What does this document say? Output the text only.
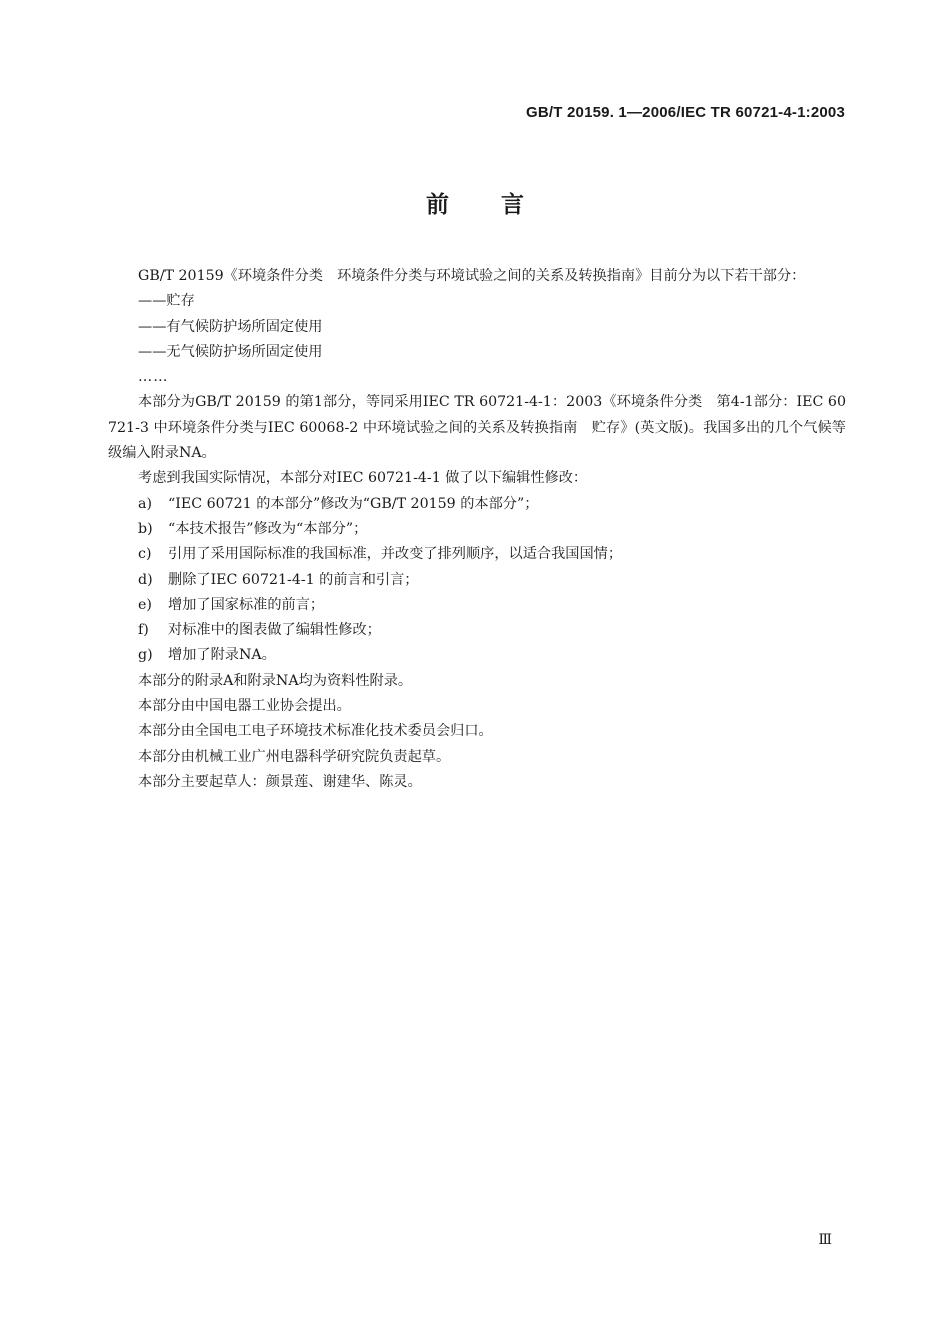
GB/T 20159. 1—2006/IEC TR 60721-4-1:2003
前言

GB/T 20159《环境条件分类　环境条件分类与环境试验之间的关系及转换指南》目前分为以下若干部分：

——贮存

——有气候防护场所固定使用

——无气候防护场所固定使用

……

本部分为GB/T 20159 的第1部分，等同采用IEC TR 60721-4-1：2003《环境条件分类　第4-1部分：IEC 60721-3 中环境条件分类与IEC 60068-2 中环境试验之间的关系及转换指南　贮存》(英文版)。我国多出的几个气候等级编入附录NA。

考虑到我国实际情况，本部分对IEC 60721-4-1 做了以下编辑性修改：

a) “IEC 60721 的本部分”修改为“GB/T 20159 的本部分”；

b) “本技术报告”修改为“本部分”；

c) 引用了采用国际标准的我国标准，并改变了排列顺序，以适合我国国情；

d) 删除了IEC 60721-4-1 的前言和引言；

e) 增加了国家标准的前言；

f) 对标准中的图表做了编辑性修改；

g) 增加了附录NA。

本部分的附录A和附录NA均为资料性附录。

本部分由中国电器工业协会提出。

本部分由全国电工电子环境技术标准化技术委员会归口。

本部分由机械工业广州电器科学研究院负责起草。

本部分主要起草人：颜景莲、谢建华、陈灵。

Ⅲ
